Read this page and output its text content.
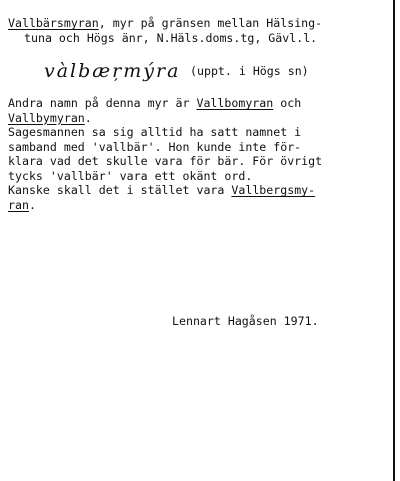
Vallbärsmyran, myr på gränsen mellan Hälsing-
tuna och Högs änr, N.Häls.doms.tg, Gävl.l.
vàlbæŗmýra (uppt. i Högs sn)
Andra namn på denna myr är Vallbomyran och
Vallbymyran.
Sagesmannen sa sig alltid ha satt namnet i
samband med 'vallbär'. Hon kunde inte för-
klara vad det skulle vara för bär. För övrigt
tycks 'vallbär' vara ett okänt ord.
Kanske skall det i stället vara Vallbergsmy-
ran.
Lennart Hagåsen 1971.
